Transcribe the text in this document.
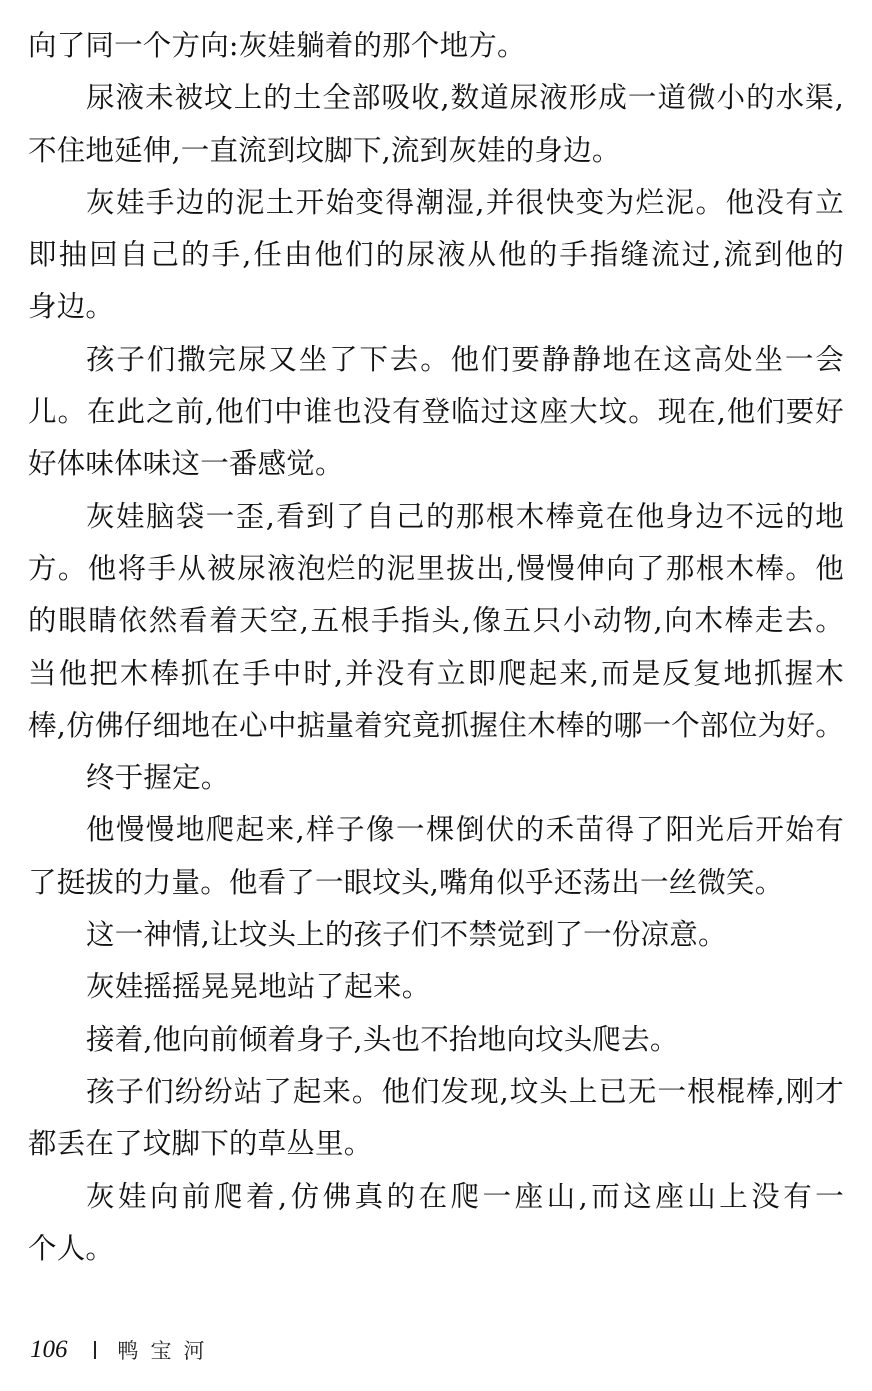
向了同一个方向:灰娃躺着的那个地方。
尿液未被坟上的土全部吸收,数道尿液形成一道微小的水渠,
不住地延伸,一直流到坟脚下,流到灰娃的身边。
灰娃手边的泥土开始变得潮湿,并很快变为烂泥。他没有立
即抽回自己的手,任由他们的尿液从他的手指缝流过,流到他的
身边。
孩子们撒完尿又坐了下去。他们要静静地在这高处坐一会
儿。在此之前,他们中谁也没有登临过这座大坟。现在,他们要好
好体味体味这一番感觉。
灰娃脑袋一歪,看到了自己的那根木棒竟在他身边不远的地
方。他将手从被尿液泡烂的泥里拔出,慢慢伸向了那根木棒。他
的眼睛依然看着天空,五根手指头,像五只小动物,向木棒走去。
当他把木棒抓在手中时,并没有立即爬起来,而是反复地抓握木
棒,仿佛仔细地在心中掂量着究竟抓握住木棒的哪一个部位为好。
终于握定。
他慢慢地爬起来,样子像一棵倒伏的禾苗得了阳光后开始有
了挺拔的力量。他看了一眼坟头,嘴角似乎还荡出一丝微笑。
这一神情,让坟头上的孩子们不禁觉到了一份凉意。
灰娃摇摇晃晃地站了起来。
接着,他向前倾着身子,头也不抬地向坟头爬去。
孩子们纷纷站了起来。他们发现,坟头上已无一根棍棒,刚才
都丢在了坟脚下的草丛里。
灰娃向前爬着,仿佛真的在爬一座山,而这座山上没有一
个人。
106 鸭宝河
